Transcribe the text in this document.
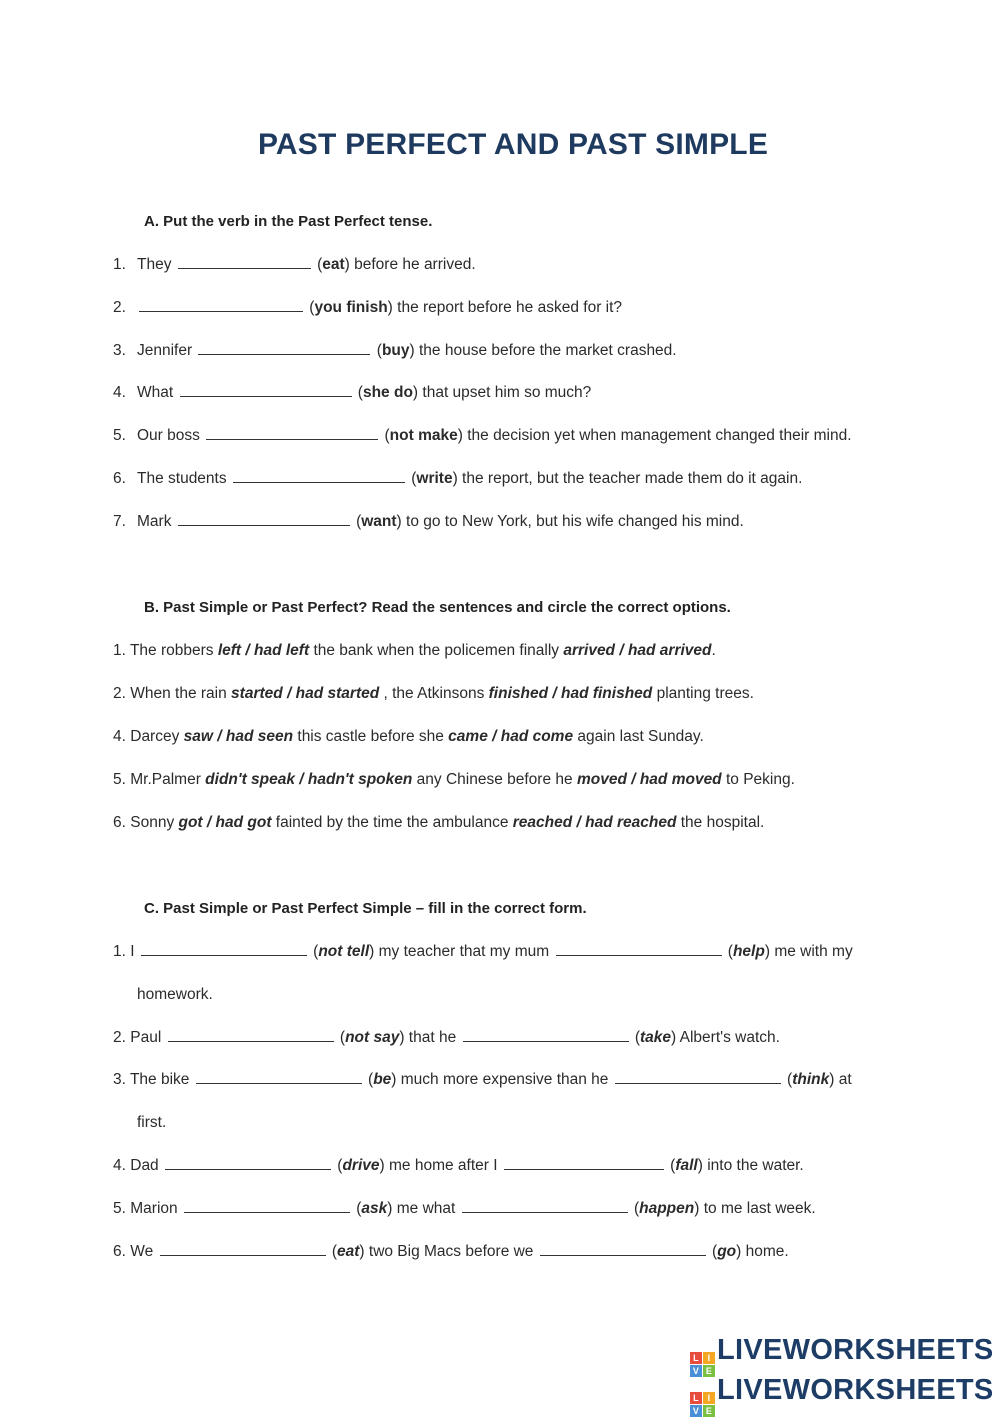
PAST PERFECT AND PAST SIMPLE
A. Put the verb in the Past Perfect tense.
1. They	(eat) before he arrived.
2.	(you finish) the report before he asked for it?
3. Jennifer	(buy) the house before the market crashed.
4. What	(she do) that upset him so much?
5. Our boss	(not make) the decision yet when management changed their mind.
6. The students	(write) the report, but the teacher made them do it again.
7. Mark	(want) to go to New York, but his wife changed his mind.
B. Past Simple or Past Perfect? Read the sentences and circle the correct options.
1. The robbers left / had left the bank when the policemen finally arrived / had arrived.
2. When the rain started / had started , the Atkinsons finished / had finished planting trees.
4. Darcey saw / had seen this castle before she came / had come again last Sunday.
5. Mr.Palmer didn't speak / hadn't spoken any Chinese before he moved / had moved to Peking.
6. Sonny got / had got fainted by the time the ambulance reached / had reached the hospital.
C. Past Simple or Past Perfect Simple – fill in the correct form.
1. I	(not tell) my teacher that my mum	(help) me with my
homework.
2. Paul	(not say) that he	(take) Albert's watch.
3. The bike	(be) much more expensive than he	(think) at
first.
4. Dad	(drive) me home after I	(fall) into the water.
5. Marion	(ask) me what	(happen) to me last week.
6. We	(eat) two Big Macs before we	(go) home.
L I
V E
LIVEWORKSHEETS
L I
V E
LIVEWORKSHEETS
